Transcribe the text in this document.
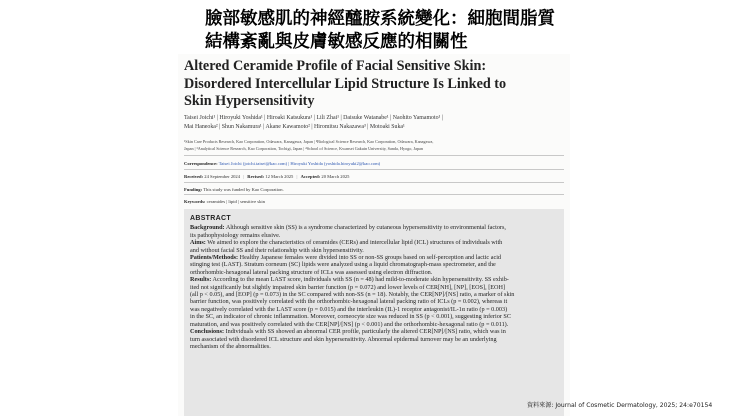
臉部敏感肌的神經醯胺系統變化：細胞間脂質
結構紊亂與皮膚敏感反應的相關性
Altered Ceramide Profile of Facial Sensitive Skin:
Disordered Intercellular Lipid Structure Is Linked to
Skin Hypersensitivity
Taisei Joichi¹ | Hiroyuki Yoshida¹ | Hiroaki Katsukura¹ | Lili Zhai¹ | Daisuke Watanabe¹ | Naohito Yamamoto¹ |
Mai Haneoka² | Shun Nakamura¹ | Akane Kawamoto² | Hiromitsu Nakazawa³ | Motoaki Suka¹
¹Skin Care Products Research, Kao Corporation, Odawara, Kanagawa, Japan | ²Biological Science Research, Kao Corporation, Odawara, Kanagawa,
Japan | ³Analytical Science Research, Kao Corporation, Tochigi, Japan | ⁴School of Science, Kwansei Gakuin University, Sanda, Hyogo, Japan
Correspondence: Taisei Joichi (joichi.taisei@kao.com) | Hiroyuki Yoshida (yoshida.hiroyuki2@kao.com)
Received: 24 September 2024 | Revised: 12 March 2025 | Accepted: 20 March 2025
Funding: This study was funded by Kao Corporation.
Keywords: ceramides | lipid | sensitive skin
ABSTRACT
Background: Although sensitive skin (SS) is a syndrome characterized by cutaneous hypersensitivity to environmental factors,
its pathophysiology remains elusive.
Aims: We aimed to explore the characteristics of ceramides (CERs) and intercellular lipid (ICL) structures of individuals with
and without facial SS and their relationship with skin hypersensitivity.
Patients/Methods: Healthy Japanese females were divided into SS or non-SS groups based on self-perception and lactic acid
stinging test (LAST). Stratum corneum (SC) lipids were analyzed using a liquid chromatograph-mass spectrometer, and the
orthorhombic-hexagonal lateral packing structure of ICLs was assessed using electron diffraction.
Results: According to the mean LAST score, individuals with SS (n = 48) had mild-to-moderate skin hypersensitivity. SS exhib-
ited not significantly but slightly impaired skin barrier function (p = 0.072) and lower levels of CER[NH], [NP], [EOS], [EOH]
(all p < 0.05), and [EOP] (p = 0.073) in the SC compared with non-SS (n = 18). Notably, the CER[NP]/[NS] ratio, a marker of skin
barrier function, was positively correlated with the orthorhombic-hexagonal lateral packing ratio of ICLs (p = 0.002), whereas it
was negatively correlated with the LAST score (p = 0.015) and the interleukin (IL)-1 receptor antagonist/IL-1α ratio (p = 0.003)
in the SC, an indicator of chronic inflammation. Moreover, corneocyte size was reduced in SS (p < 0.001), suggesting inferior SC
maturation, and was positively correlated with the CER[NP]/[NS] (p < 0.001) and the orthorhombic-hexagonal ratio (p = 0.011).
Conclusions: Individuals with SS showed an abnormal CER profile, particularly the altered CER[NP]/[NS] ratio, which was in
turn associated with disordered ICL structure and skin hypersensitivity. Abnormal epidermal turnover may be an underlying
mechanism of the abnormalities.
資料來源: Journal of Cosmetic Dermatology, 2025; 24:e70154
